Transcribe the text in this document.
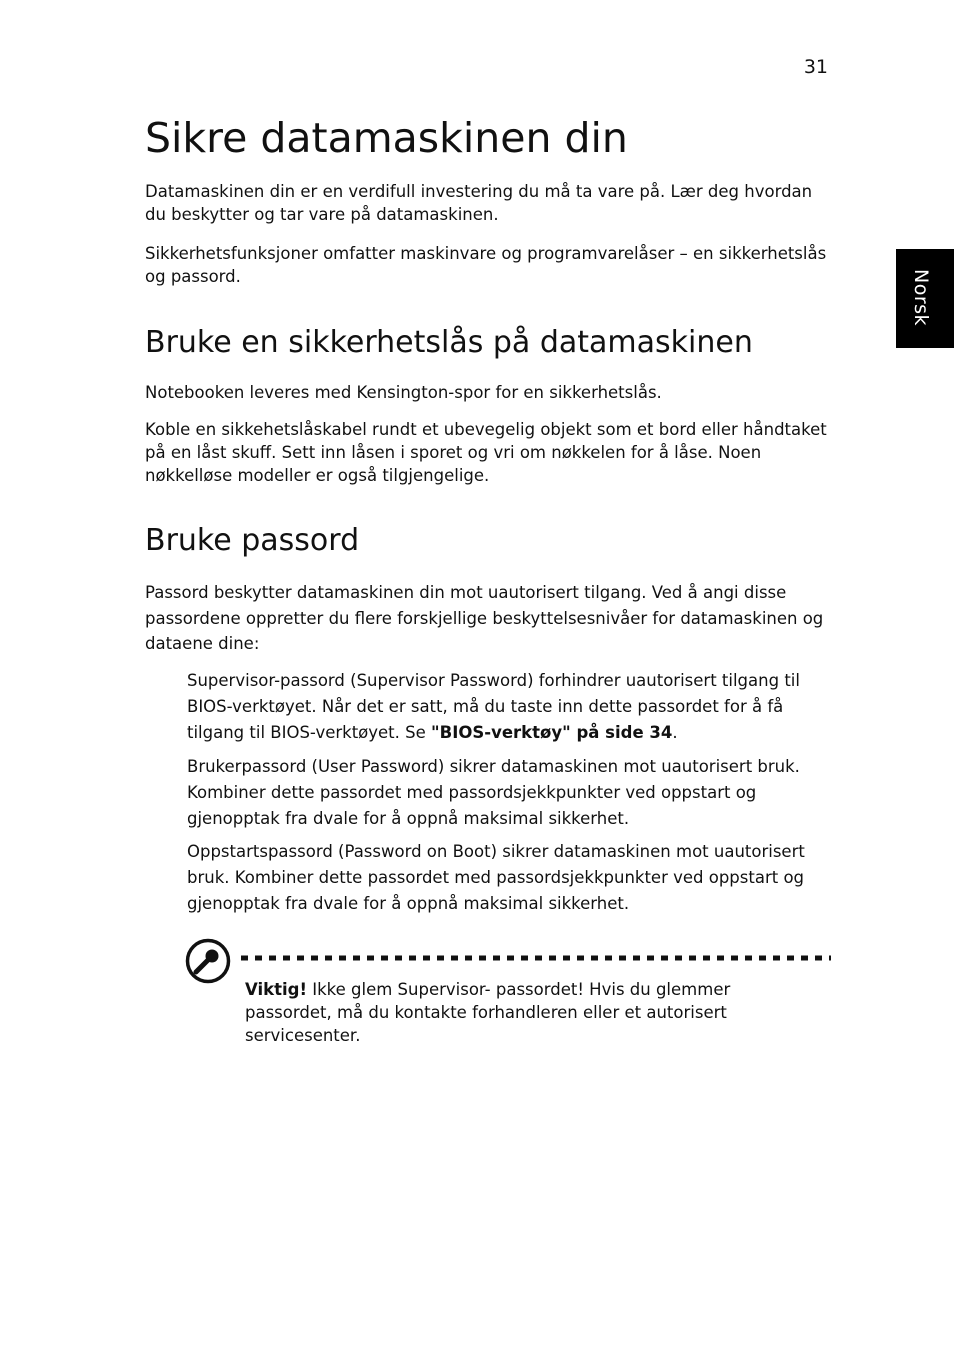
31
Norsk
Sikre datamaskinen din

Datamaskinen din er en verdifull investering du må ta vare på. Lær deg hvordan du beskytter og tar vare på datamaskinen.

Sikkerhetsfunksjoner omfatter maskinvare og programvarelåser – en sikkerhetslås og passord.

Bruke en sikkerhetslås på datamaskinen

Notebooken leveres med Kensington-spor for en sikkerhetslås.

Koble en sikkehetslåskabel rundt et ubevegelig objekt som et bord eller håndtaket på en låst skuff. Sett inn låsen i sporet og vri om nøkkelen for å låse. Noen nøkkelløse modeller er også tilgjengelige.

Bruke passord

Passord beskytter datamaskinen din mot uautorisert tilgang. Ved å angi disse passordene oppretter du flere forskjellige beskyttelsesnivåer for datamaskinen og dataene dine:

Supervisor-passord (Supervisor Password) forhindrer uautorisert tilgang til BIOS-verktøyet. Når det er satt, må du taste inn dette passordet for å få tilgang til BIOS-verktøyet. Se "BIOS-verktøy" på side 34.

Brukerpassord (User Password) sikrer datamaskinen mot uautorisert bruk. Kombiner dette passordet med passordsjekkpunkter ved oppstart og gjenopptak fra dvale for å oppnå maksimal sikkerhet.

Oppstartspassord (Password on Boot) sikrer datamaskinen mot uautorisert bruk. Kombiner dette passordet med passordsjekkpunkter ved oppstart og gjenopptak fra dvale for å oppnå maksimal sikkerhet.

Viktig! Ikke glem Supervisor- passordet! Hvis du glemmer passordet, må du kontakte forhandleren eller et autorisert servicesenter.
